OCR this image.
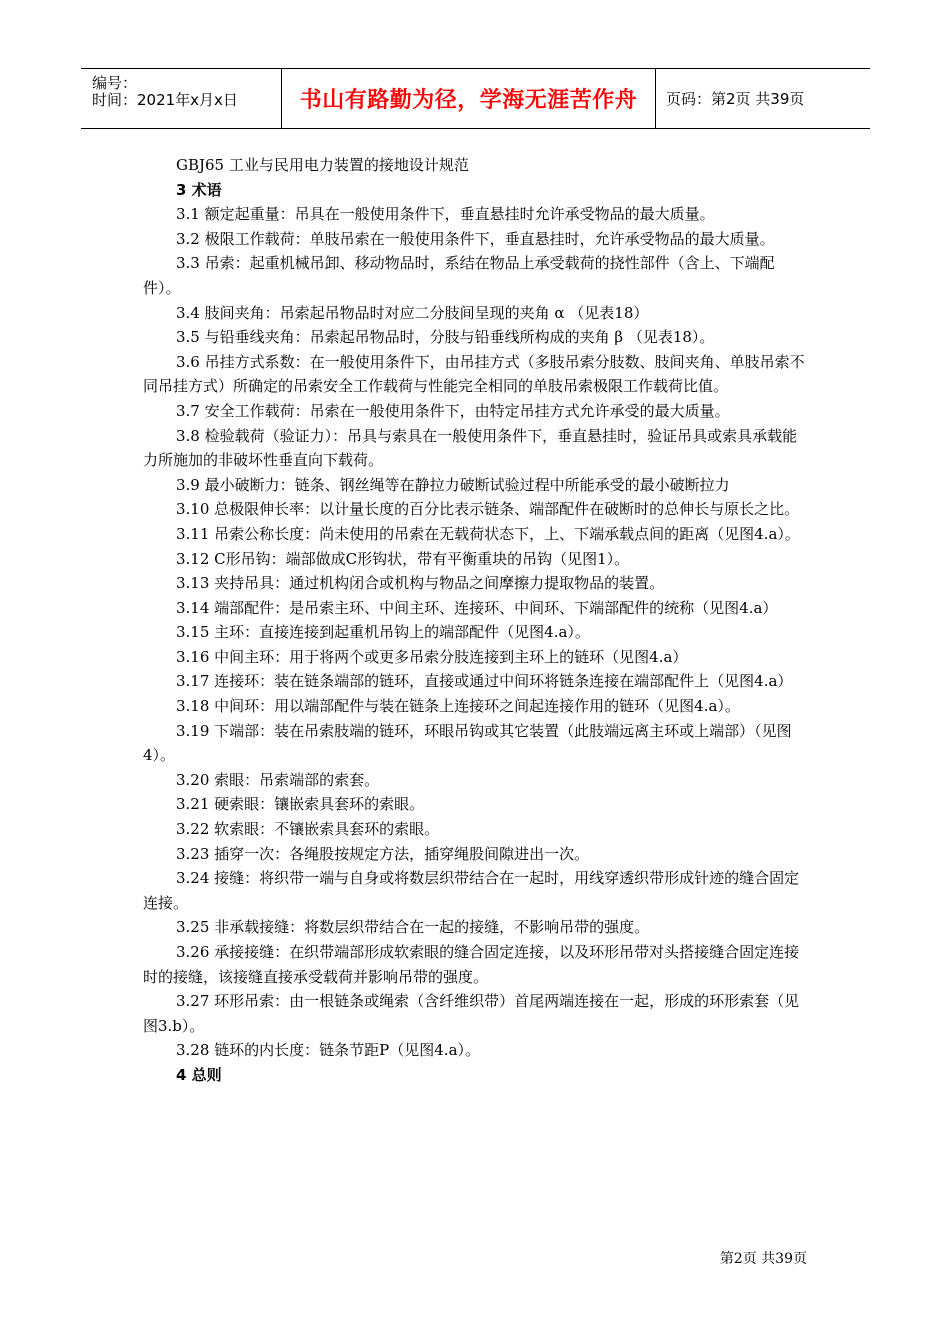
编号：
时间：2021年x月x日	书山有路勤为径，学海无涯苦作舟	页码：第2页 共39页

GBJ65 工业与民用电力装置的接地设计规范

3 术语

3.1 额定起重量：吊具在一般使用条件下，垂直悬挂时允许承受物品的最大质量。

3.2 极限工作载荷：单肢吊索在一般使用条件下，垂直悬挂时，允许承受物品的最大质量。

3.3 吊索：起重机械吊卸、移动物品时，系结在物品上承受载荷的挠性部件（含上、下端配件）。

3.4 肢间夹角：吊索起吊物品时对应二分肢间呈现的夹角 α （见表18）

3.5 与铅垂线夹角：吊索起吊物品时，分肢与铅垂线所构成的夹角 β （见表18）。

3.6 吊挂方式系数：在一般使用条件下，由吊挂方式（多肢吊索分肢数、肢间夹角、单肢吊索不同吊挂方式）所确定的吊索安全工作载荷与性能完全相同的单肢吊索极限工作载荷比值。

3.7 安全工作载荷：吊索在一般使用条件下，由特定吊挂方式允许承受的最大质量。

3.8 检验载荷（验证力）：吊具与索具在一般使用条件下，垂直悬挂时，验证吊具或索具承载能力所施加的非破坏性垂直向下载荷。

3.9 最小破断力：链条、钢丝绳等在静拉力破断试验过程中所能承受的最小破断拉力

3.10 总极限伸长率：以计量长度的百分比表示链条、端部配件在破断时的总伸长与原长之比。

3.11 吊索公称长度：尚未使用的吊索在无载荷状态下，上、下端承载点间的距离（见图4.a）。

3.12 C形吊钩：端部做成C形钩状，带有平衡重块的吊钩（见图1）。

3.13 夹持吊具：通过机构闭合或机构与物品之间摩擦力提取物品的装置。

3.14 端部配件：是吊索主环、中间主环、连接环、中间环、下端部配件的统称（见图4.a）

3.15 主环：直接连接到起重机吊钩上的端部配件（见图4.a）。

3.16 中间主环：用于将两个或更多吊索分肢连接到主环上的链环（见图4.a）

3.17 连接环：装在链条端部的链环，直接或通过中间环将链条连接在端部配件上（见图4.a）

3.18 中间环：用以端部配件与装在链条上连接环之间起连接作用的链环（见图4.a）。

3.19 下端部：装在吊索肢端的链环，环眼吊钩或其它装置（此肢端远离主环或上端部）（见图4）。

3.20 索眼：吊索端部的索套。

3.21 硬索眼：镶嵌索具套环的索眼。

3.22 软索眼：不镶嵌索具套环的索眼。

3.23 插穿一次：各绳股按规定方法，插穿绳股间隙进出一次。

3.24 接缝：将织带一端与自身或将数层织带结合在一起时，用线穿透织带形成针迹的缝合固定连接。

3.25 非承载接缝：将数层织带结合在一起的接缝，不影响吊带的强度。

3.26 承接接缝：在织带端部形成软索眼的缝合固定连接，以及环形吊带对头搭接缝合固定连接时的接缝，该接缝直接承受载荷并影响吊带的强度。

3.27 环形吊索：由一根链条或绳索（含纤维织带）首尾两端连接在一起，形成的环形索套（见图3.b）。

3.28 链环的内长度：链条节距P（见图4.a）。

4 总则

第2页 共39页
